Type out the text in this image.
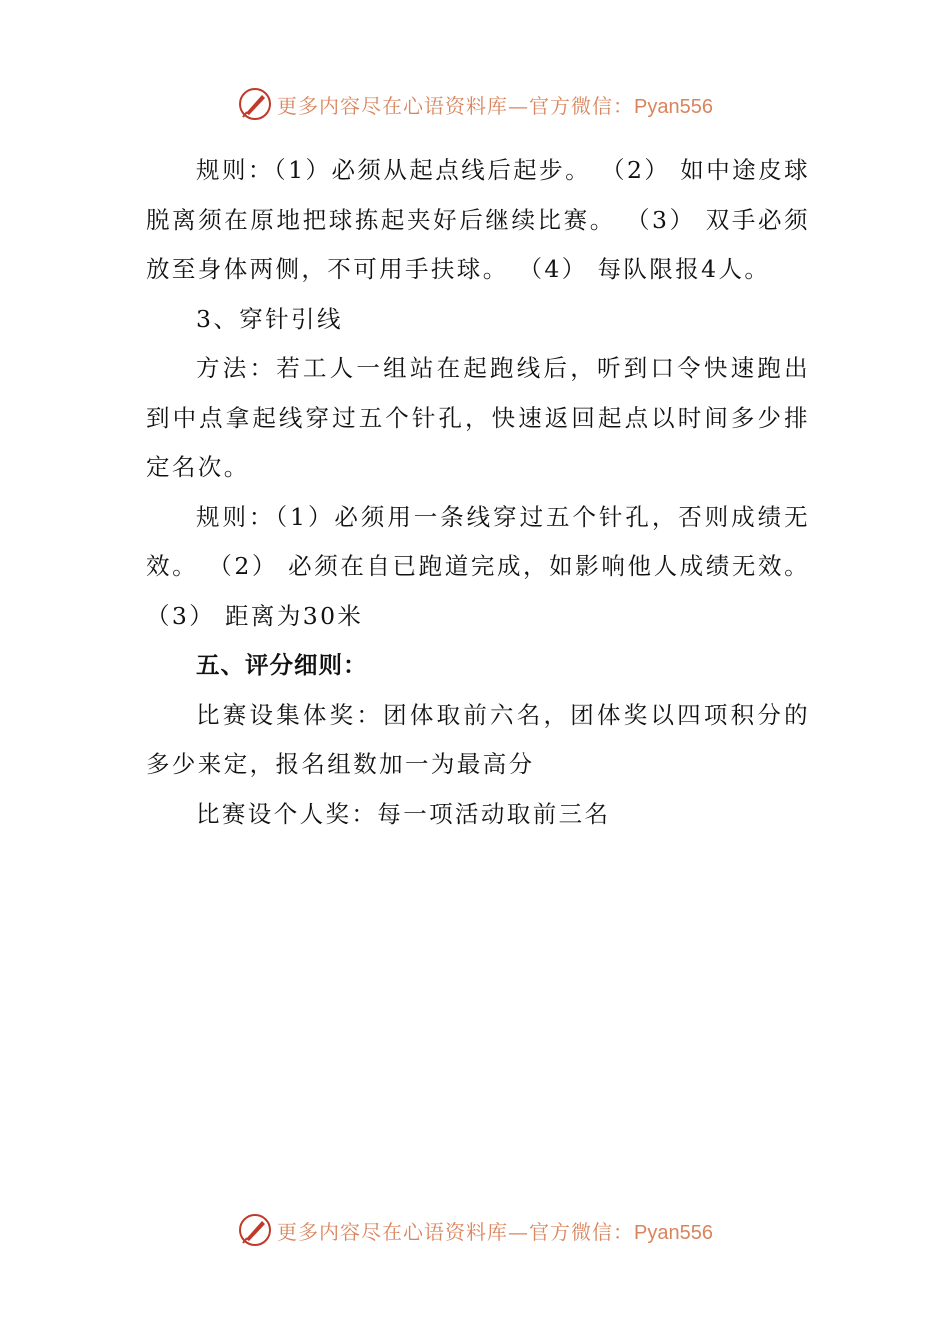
更多内容尽在心语资料库—官方微信：Pyan556

规则：（1）必须从起点线后起步。 （2） 如中途皮球脱离须在原地把球拣起夹好后继续比赛。 （3） 双手必须放至身体两侧，不可用手扶球。 （4） 每队限报4人。

3、穿针引线

方法：若工人一组站在起跑线后，听到口令快速跑出到中点拿起线穿过五个针孔，快速返回起点以时间多少排定名次。

规则：（1）必须用一条线穿过五个针孔，否则成绩无效。 （2） 必须在自已跑道完成，如影响他人成绩无效。 （3） 距离为30米

五、评分细则：

比赛设集体奖：团体取前六名，团体奖以四项积分的多少来定，报名组数加一为最高分

比赛设个人奖：每一项活动取前三名

更多内容尽在心语资料库—官方微信：Pyan556
